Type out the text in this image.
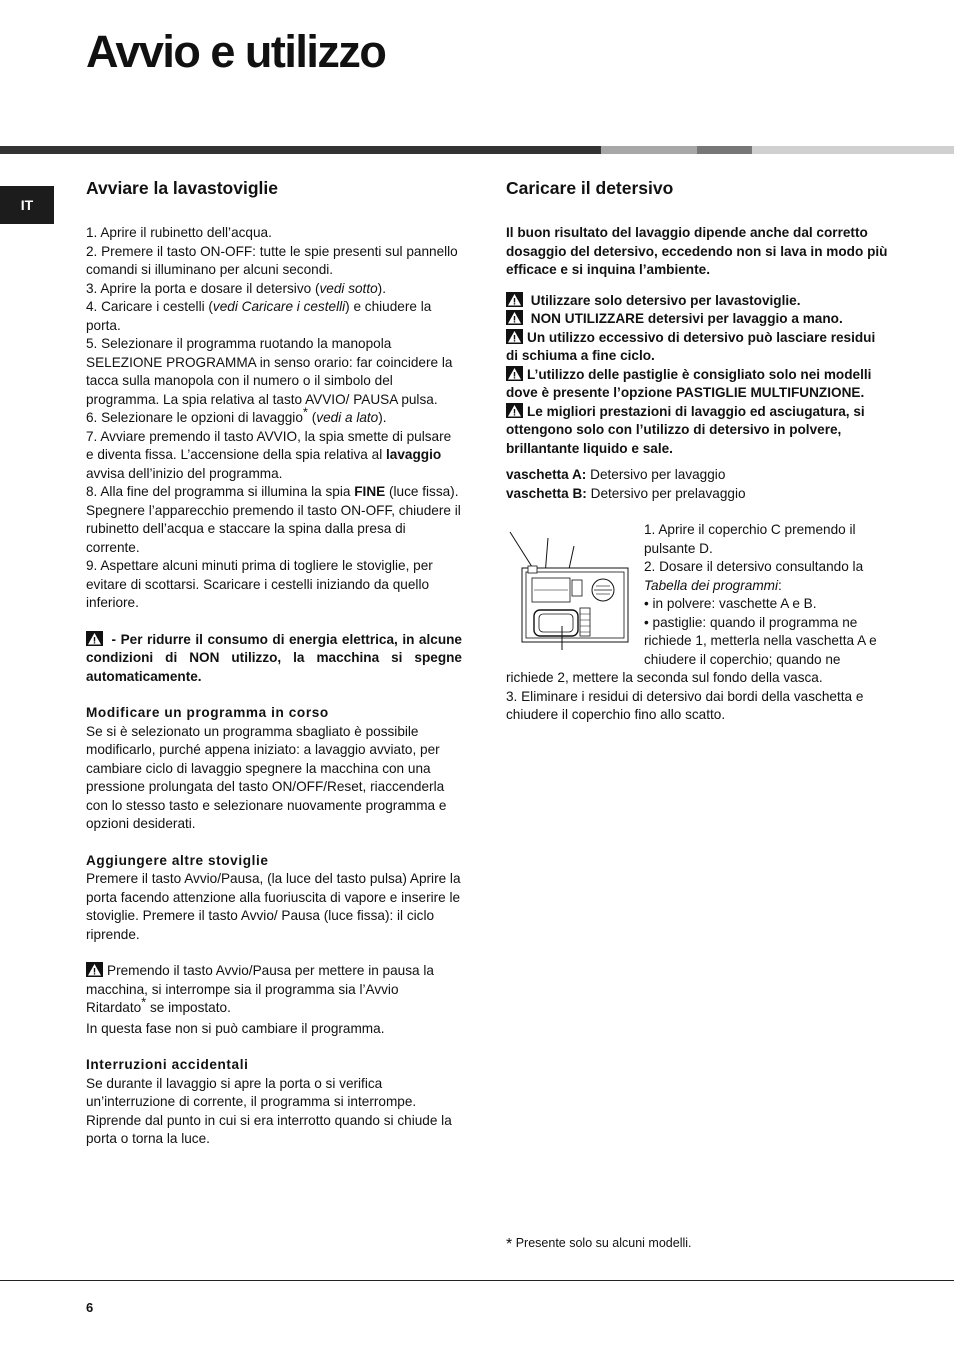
Avvio e utilizzo
IT
Avviare la lavastoviglie

1. Aprire il rubinetto dell’acqua.

2. Premere il tasto ON-OFF: tutte le spie presenti sul pannello comandi si illuminano per alcuni secondi.

3. Aprire la porta e dosare il detersivo (vedi sotto).

4. Caricare i cestelli (vedi Caricare i cestelli) e chiudere la porta.

5. Selezionare il programma ruotando la manopola SELEZIONE PROGRAMMA in senso orario: far coincidere la tacca sulla manopola con il numero o il simbolo del programma. La spia relativa al tasto AVVIO/ PAUSA pulsa.

6. Selezionare le opzioni di lavaggio* (vedi a lato).

7. Avviare premendo il tasto AVVIO, la spia smette di pulsare e diventa fissa. L’accensione della spia relativa al lavaggio avvisa dell’inizio del programma.

8. Alla fine del programma si illumina la spia FINE (luce fissa). Spegnere l’apparecchio premendo il tasto ON-OFF, chiudere il rubinetto dell’acqua e staccare la spina dalla presa di corrente.

9. Aspettare alcuni minuti prima di togliere le stoviglie, per evitare di scottarsi. Scaricare i cestelli iniziando da quello inferiore.

- Per ridurre il consumo di energia elettrica, in alcune condizioni di NON utilizzo, la macchina si spegne automaticamente.

Modificare un programma in corso

Se si è selezionato un programma sbagliato è possibile modificarlo, purché appena iniziato: a lavaggio avviato, per cambiare ciclo di lavaggio spegnere la macchina con una pressione prolungata del tasto ON/OFF/Reset, riaccenderla con lo stesso tasto e selezionare nuovamente programma e opzioni desiderati.

Aggiungere altre stoviglie

Premere il tasto Avvio/Pausa, (la luce del tasto pulsa) Aprire la porta facendo attenzione alla fuoriuscita di vapore e inserire le stoviglie. Premere il tasto Avvio/ Pausa (luce fissa): il ciclo riprende.

Premendo il tasto Avvio/Pausa per mettere in pausa la macchina, si interrompe sia il programma sia l’Avvio Ritardato* se impostato.

In questa fase non si può cambiare il programma.

Interruzioni accidentali

Se durante il lavaggio si apre la porta o si verifica un’interruzione di corrente, il programma si interrompe. Riprende dal punto in cui si era interrotto quando si chiude la porta o torna la luce.

Caricare il detersivo

Il buon risultato del lavaggio dipende anche dal corretto dosaggio del detersivo, eccedendo non si lava in modo più efficace e si inquina l’ambiente.

Utilizzare solo detersivo per lavastoviglie.

NON UTILIZZARE detersivi per lavaggio a mano.

Un utilizzo eccessivo di detersivo può lasciare residui di schiuma a fine ciclo.

L’utilizzo delle pastiglie è consigliato solo nei modelli dove è presente l’opzione PASTIGLIE MULTIFUNZIONE.

Le migliori prestazioni di lavaggio ed asciugatura, si ottengono solo con l’utilizzo di detersivo in polvere, brillantante liquido e sale.

vaschetta A: Detersivo per lavaggio

vaschetta B: Detersivo per prelavaggio

1. Aprire il coperchio C premendo il pulsante D.

2. Dosare il detersivo consultando la Tabella dei programmi:

• in polvere: vaschette A e B.

• pastiglie: quando il programma ne richiede 1, metterla nella vaschetta A e chiudere il coperchio; quando ne richiede 2, mettere la seconda sul fondo della vasca.

3. Eliminare i residui di detersivo dai bordi della vaschetta e chiudere il coperchio fino allo scatto.

* Presente solo su alcuni modelli.
6
